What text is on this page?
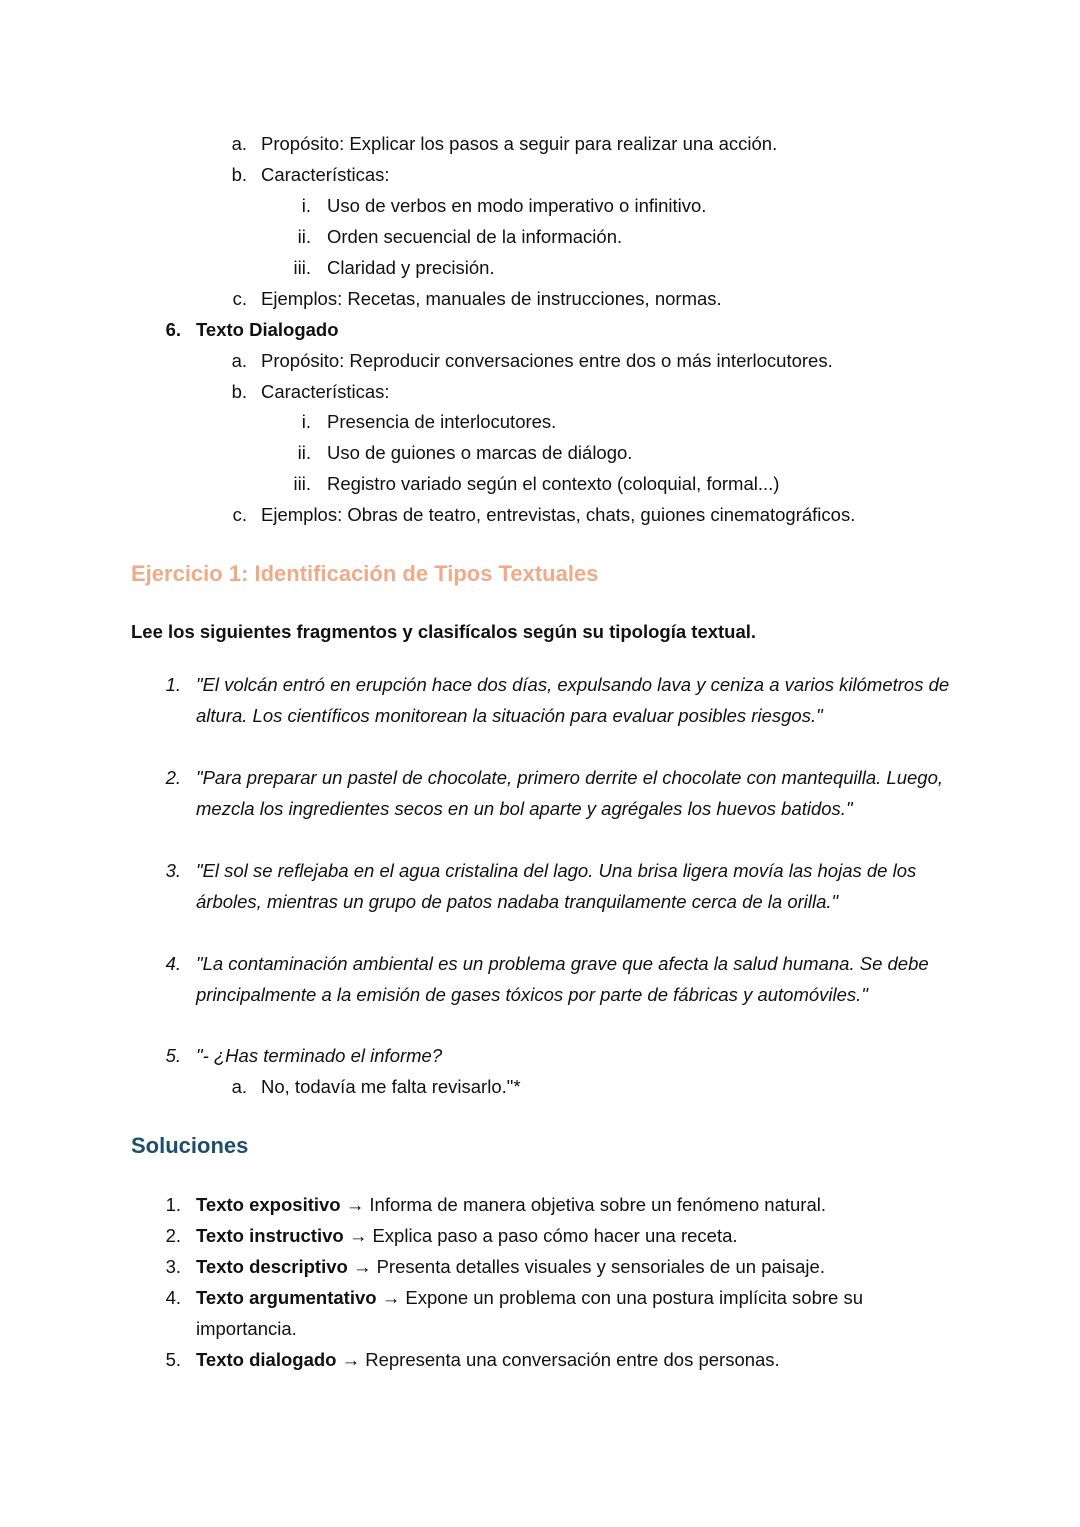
a. Propósito: Explicar los pasos a seguir para realizar una acción.
b. Características:
i. Uso de verbos en modo imperativo o infinitivo.
ii. Orden secuencial de la información.
iii. Claridad y precisión.
c. Ejemplos: Recetas, manuales de instrucciones, normas.
6. Texto Dialogado
a. Propósito: Reproducir conversaciones entre dos o más interlocutores.
b. Características:
i. Presencia de interlocutores.
ii. Uso de guiones o marcas de diálogo.
iii. Registro variado según el contexto (coloquial, formal...)
c. Ejemplos: Obras de teatro, entrevistas, chats, guiones cinematográficos.
Ejercicio 1: Identificación de Tipos Textuales
Lee los siguientes fragmentos y clasifícalos según su tipología textual.
1. "El volcán entró en erupción hace dos días, expulsando lava y ceniza a varios kilómetros de altura. Los científicos monitorean la situación para evaluar posibles riesgos."
2. "Para preparar un pastel de chocolate, primero derrite el chocolate con mantequilla. Luego, mezcla los ingredientes secos en un bol aparte y agrégales los huevos batidos."
3. "El sol se reflejaba en el agua cristalina del lago. Una brisa ligera movía las hojas de los árboles, mientras un grupo de patos nadaba tranquilamente cerca de la orilla."
4. "La contaminación ambiental es un problema grave que afecta la salud humana. Se debe principalmente a la emisión de gases tóxicos por parte de fábricas y automóviles."
5. "- ¿Has terminado el informe?
a. No, todavía me falta revisarlo."*
Soluciones
1. Texto expositivo → Informa de manera objetiva sobre un fenómeno natural.
2. Texto instructivo → Explica paso a paso cómo hacer una receta.
3. Texto descriptivo → Presenta detalles visuales y sensoriales de un paisaje.
4. Texto argumentativo → Expone un problema con una postura implícita sobre su importancia.
5. Texto dialogado → Representa una conversación entre dos personas.
